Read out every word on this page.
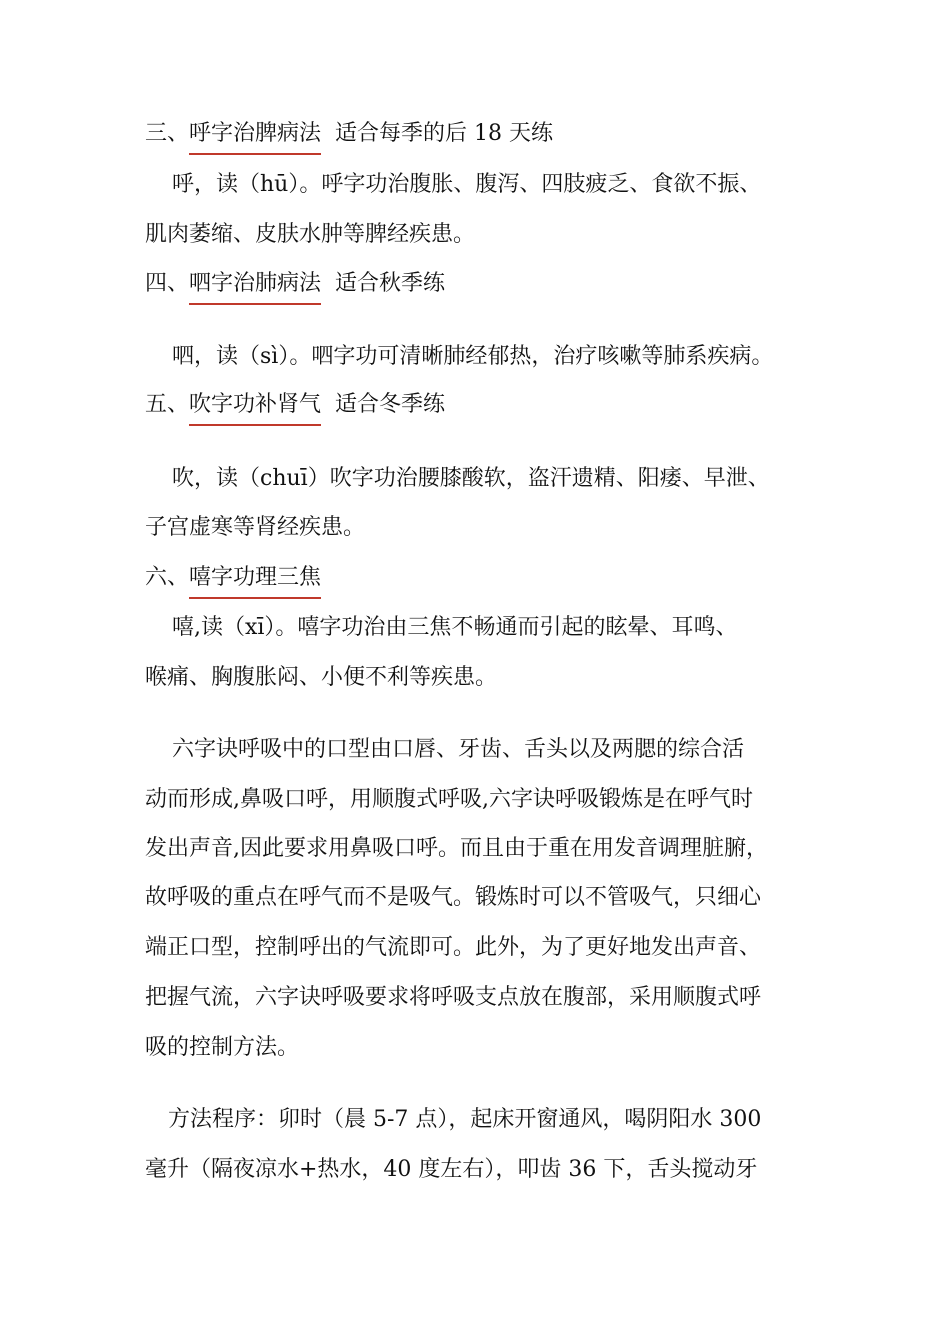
三、呼字治脾病法 适合每季的后 18 天练
呼，读（hū）。呼字功治腹胀、腹泻、四肢疲乏、食欲不振、
肌肉萎缩、皮肤水肿等脾经疾患。
四、呬字治肺病法 适合秋季练
呬，读（sì）。呬字功可清晰肺经郁热，治疗咳嗽等肺系疾病。
五、吹字功补肾气 适合冬季练
吹，读（chuī）吹字功治腰膝酸软，盗汗遗精、阳痿、早泄、
子宫虚寒等肾经疾患。
六、嘻字功理三焦
嘻,读（xī）。嘻字功治由三焦不畅通而引起的眩晕、耳鸣、
喉痛、胸腹胀闷、小便不利等疾患。
六字诀呼吸中的口型由口唇、牙齿、舌头以及两腮的综合活
动而形成,鼻吸口呼，用顺腹式呼吸,六字诀呼吸锻炼是在呼气时
发出声音,因此要求用鼻吸口呼。而且由于重在用发音调理脏腑，
故呼吸的重点在呼气而不是吸气。锻炼时可以不管吸气，只细心
端正口型，控制呼出的气流即可。此外，为了更好地发出声音、
把握气流，六字诀呼吸要求将呼吸支点放在腹部，采用顺腹式呼
吸的控制方法。
方法程序：卯时（晨 5-7 点），起床开窗通风，喝阴阳水 300
毫升（隔夜凉水+热水，40 度左右），叩齿 36 下，舌头搅动牙
